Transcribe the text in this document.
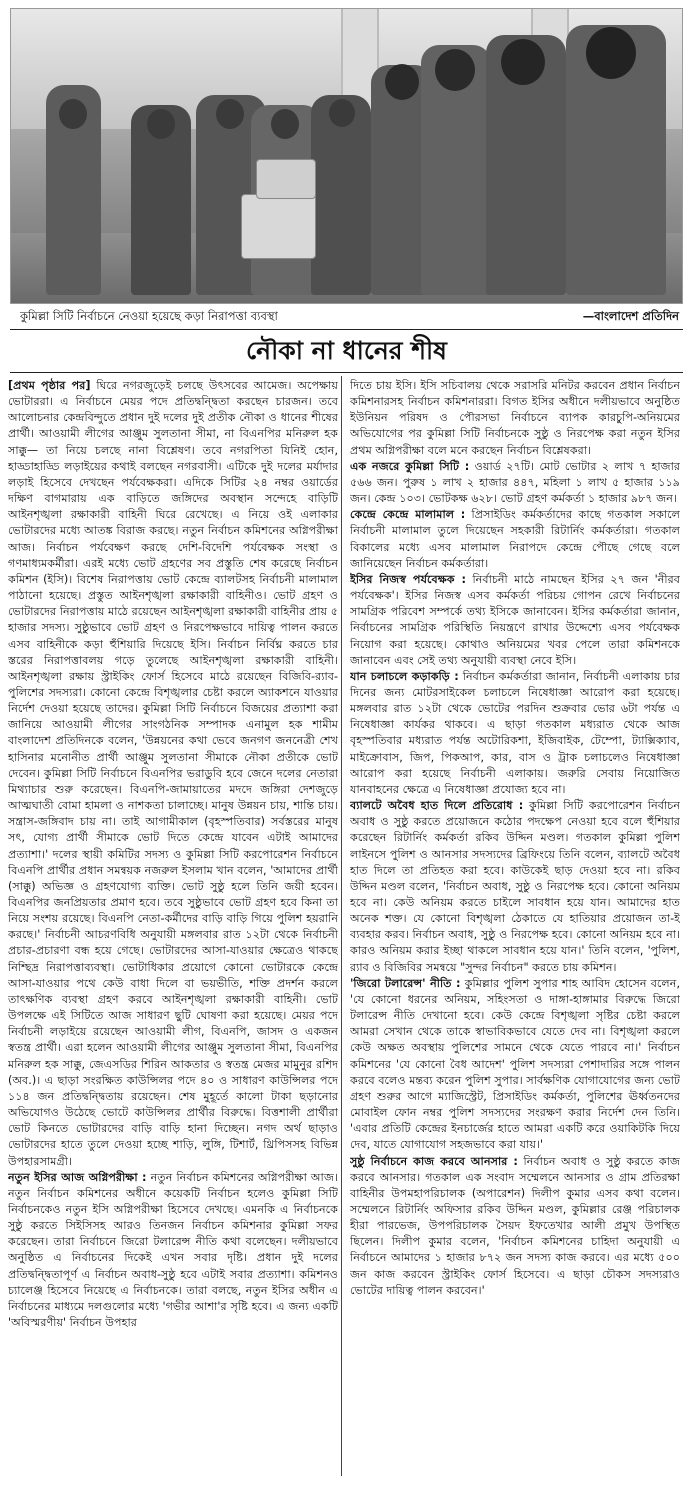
কুমিল্লা সিটি নির্বাচনে নেওয়া হয়েছে কড়া নিরাপত্তা ব্যবস্থা	—বাংলাদেশ প্রতিদিন
নৌকা না ধানের শীষ

[প্রথম পৃষ্ঠার পর] ঘিরে নগরজুড়েই চলছে উৎসবের আমেজ। অপেক্ষায় ভোটাররা। এ নির্বাচনে মেয়র পদে প্রতিদ্বন্দ্বিতা করছেন চারজন। তবে আলোচনার কেন্দ্রবিন্দুতে প্রধান দুই দলের দুই প্রতীক নৌকা ও ধানের শীষের প্রার্থী। আওয়ামী লীগের আঞ্জুম সুলতানা সীমা, না বিএনপির মনিরুল হক সাক্কু— তা নিয়ে চলছে নানা বিশ্লেষণ। তবে নগরপিতা যিনিই হোন, হাড্ডাহাড্ডি লড়াইয়ের কথাই বলছেন নগরবাসী। এটিকে দুই দলের মর্যাদার লড়াই হিসেবে দেখছেন পর্যবেক্ষকরা। এদিকে সিটির ২৪ নম্বর ওয়ার্ডের দক্ষিণ বাগমারায় এক বাড়িতে জঙ্গিদের অবস্থান সন্দেহে বাড়িটি আইনশৃঙ্খলা রক্ষাকারী বাহিনী ঘিরে রেখেছে। এ নিয়ে ওই এলাকার ভোটারদের মধ্যে আতঙ্ক বিরাজ করছে। নতুন নির্বাচন কমিশনের অগ্নিপরীক্ষা আজ। নির্বাচন পর্যবেক্ষণ করছে দেশি-বিদেশি পর্যবেক্ষক সংস্থা ও গণমাধ্যমকর্মীরা। এরই মধ্যে ভোট গ্রহণের সব প্রস্তুতি শেষ করেছে নির্বাচন কমিশন (ইসি)। বিশেষ নিরাপত্তায় ভোট কেন্দ্রে ব্যালটসহ নির্বাচনী মালামাল পাঠানো হয়েছে। প্রস্তুত আইনশৃঙ্খলা রক্ষাকারী বাহিনীও। ভোট গ্রহণ ও ভোটারদের নিরাপত্তায় মাঠে রয়েছেন আইনশৃঙ্খলা রক্ষাকারী বাহিনীর প্রায় ৫ হাজার সদস্য। সুষ্ঠুভাবে ভোট গ্রহণ ও নিরপেক্ষভাবে দায়িত্ব পালন করতে এসব বাহিনীকে কড়া হুঁশিয়ারি দিয়েছে ইসি। নির্বাচন নির্বিঘ্ন করতে চার স্তরের নিরাপত্তাবলয় গড়ে তুলেছে আইনশৃঙ্খলা রক্ষাকারী বাহিনী। আইনশৃঙ্খলা রক্ষায় স্ট্রাইকিং ফোর্স হিসেবে মাঠে রয়েছেন বিজিবি-র‌্যাব-পুলিশের সদস্যরা। কোনো কেন্দ্রে বিশৃঙ্খলার চেষ্টা করলে অ্যাকশনে যাওয়ার নির্দেশ দেওয়া হয়েছে তাদের। কুমিল্লা সিটি নির্বাচনে বিজয়ের প্রত্যাশা করা জানিয়ে আওয়ামী লীগের সাংগঠনিক সম্পাদক এনামুল হক শামীম বাংলাদেশ প্রতিদিনকে বলেন, 'উন্নয়নের কথা ভেবে জনগণ জননেত্রী শেখ হাসিনার মনোনীত প্রার্থী আঞ্জুম সুলতানা সীমাকে নৌকা প্রতীকে ভোট দেবেন। কুমিল্লা সিটি নির্বাচনে বিএনপির ভরাডুবি হবে জেনে দলের নেতারা মিথ্যাচার শুরু করেছেন। বিএনপি-জামায়াতের মদদে জঙ্গিরা দেশজুড়ে আত্মঘাতী বোমা হামলা ও নাশকতা চালাচ্ছে। মানুষ উন্নয়ন চায়, শান্তি চায়। সন্ত্রাস-জঙ্গিবাদ চায় না। তাই আগামীকাল (বৃহস্পতিবার) সর্বস্তরের মানুষ সৎ, যোগ্য প্রার্থী সীমাকে ভোট দিতে কেন্দ্রে যাবেন এটাই আমাদের প্রত্যাশা।' দলের স্থায়ী কমিটির সদস্য ও কুমিল্লা সিটি করপোরেশন নির্বাচনে বিএনপি প্রার্থীর প্রধান সমন্বয়ক নজরুল ইসলাম খান বলেন, 'আমাদের প্রার্থী (সাক্কু) অভিজ্ঞ ও গ্রহণযোগ্য ব্যক্তি। ভোট সুষ্ঠু হলে তিনি জয়ী হবেন। বিএনপির জনপ্রিয়তার প্রমাণ হবে। তবে সুষ্ঠুভাবে ভোট গ্রহণ হবে কিনা তা নিয়ে সংশয় রয়েছে। বিএনপি নেতা-কর্মীদের বাড়ি বাড়ি গিয়ে পুলিশ হয়রানি করছে।' নির্বাচনী আচরণবিধি অনুযায়ী মঙ্গলবার রাত ১২টা থেকে নির্বাচনী প্রচার-প্রচারণা বন্ধ হয়ে গেছে। ভোটারদের আসা-যাওয়ার ক্ষেত্রেও থাকছে নিশ্ছিদ্র নিরাপত্তাব্যবস্থা। ভোটাধিকার প্রয়োগে কোনো ভোটারকে কেন্দ্রে আসা-যাওয়ার পথে কেউ বাধা দিলে বা ভয়ভীতি, শক্তি প্রদর্শন করলে তাৎক্ষণিক ব্যবস্থা গ্রহণ করবে আইনশৃঙ্খলা রক্ষাকারী বাহিনী। ভোট উপলক্ষে এই সিটিতে আজ সাধারণ ছুটি ঘোষণা করা হয়েছে। মেয়র পদে নির্বাচনী লড়াইয়ে রয়েছেন আওয়ামী লীগ, বিএনপি, জাসদ ও একজন স্বতন্ত্র প্রার্থী। এরা হলেন আওয়ামী লীগের আঞ্জুম সুলতানা সীমা, বিএনপির মনিরুল হক সাক্কু, জেএসডির শিরিন আকতার ও স্বতন্ত্র মেজর মামুনুর রশিদ (অব.)। এ ছাড়া সংরক্ষিত কাউন্সিলর পদে ৪০ ও সাধারণ কাউন্সিলর পদে ১১৪ জন প্রতিদ্বন্দ্বিতায় রয়েছেন। শেষ মুহূর্তে কালো টাকা ছড়ানোর অভিযোগও উঠেছে ভোটে কাউন্সিলর প্রার্থীর বিরুদ্ধে। বিত্তশালী প্রার্থীরা ভোট কিনতে ভোটারদের বাড়ি বাড়ি হানা দিচ্ছেন। নগদ অর্থ ছাড়াও ভোটারদের হাতে তুলে দেওয়া হচ্ছে শাড়ি, লুঙ্গি, টিশার্ট, থ্রিপিসসহ বিভিন্ন উপহারসামগ্রী।

নতুন ইসির আজ অগ্নিপরীক্ষা : নতুন নির্বাচন কমিশনের অগ্নিপরীক্ষা আজ। নতুন নির্বাচন কমিশনের অধীনে কয়েকটি নির্বাচন হলেও কুমিল্লা সিটি নির্বাচনকেও নতুন ইসি অগ্নিপরীক্ষা হিসেবে দেখছে। এমনকি এ নির্বাচনকে সুষ্ঠু করতে সিইসিসহ আরও তিনজন নির্বাচন কমিশনার কুমিল্লা সফর করেছেন। তারা নির্বাচনে জিরো টলারেন্স নীতি কথা বলেছেন। দলীয়ভাবে অনুষ্ঠিত এ নির্বাচনের দিকেই এখন সবার দৃষ্টি। প্রধান দুই দলের প্রতিদ্বন্দ্বিতাপূর্ণ এ নির্বাচন অবাধ-সুষ্ঠু হবে এটাই সবার প্রত্যাশা। কমিশনও চ্যালেঞ্জ হিসেবে নিয়েছে এ নির্বাচনকে। তারা বলছে, নতুন ইসির অধীন এ নির্বাচনের মাধ্যমে দলগুলোর মধ্যে 'গভীর আশা'র সৃষ্টি হবে। এ জন্য একটি 'অবিস্মরণীয়' নির্বাচন উপহার

দিতে চায় ইসি। ইসি সচিবালয় থেকে সরাসরি মনিটর করবেন প্রধান নির্বাচন কমিশনারসহ নির্বাচন কমিশনাররা। বিগত ইসির অধীনে দলীয়ভাবে অনুষ্ঠিত ইউনিয়ন পরিষদ ও পৌরসভা নির্বাচনে ব্যাপক কারচুপি-অনিয়মের অভিযোগের পর কুমিল্লা সিটি নির্বাচনকে সুষ্ঠু ও নিরপেক্ষ করা নতুন ইসির প্রথম অগ্নিপরীক্ষা বলে মনে করছেন নির্বাচন বিশ্লেষকরা।

এক নজরে কুমিল্লা সিটি : ওয়ার্ড ২৭টি। মোট ভোটার ২ লাখ ৭ হাজার ৫৬৬ জন। পুরুষ ১ লাখ ২ হাজার ৪৪৭, মহিলা ১ লাখ ৫ হাজার ১১৯ জন। কেন্দ্র ১০৩। ভোটকক্ষ ৬২৮। ভোট গ্রহণ কর্মকর্তা ১ হাজার ৯৮৭ জন।

কেন্দ্রে কেন্দ্রে মালামাল : প্রিসাইডিং কর্মকর্তাদের কাছে গতকাল সকালে নির্বাচনী মালামাল তুলে দিয়েছেন সহকারী রিটার্নিং কর্মকর্তারা। গতকাল বিকালের মধ্যে এসব মালামাল নিরাপদে কেন্দ্রে পৌছে গেছে বলে জানিয়েছেন নির্বাচন কর্মকর্তারা।

ইসির নিজস্ব পর্যবেক্ষক : নির্বাচনী মাঠে নামছেন ইসির ২৭ জন 'নীরব পর্যবেক্ষক'। ইসির নিজস্ব এসব কর্মকর্তা পরিচয় গোপন রেখে নির্বাচনের সামগ্রিক পরিবেশ সম্পর্কে তথ্য ইসিকে জানাবেন। ইসির কর্মকর্তারা জানান, নির্বাচনের সামগ্রিক পরিস্থিতি নিয়ন্ত্রণে রাখার উদ্দেশ্যে এসব পর্যবেক্ষক নিয়োগ করা হয়েছে। কোথাও অনিয়মের খবর পেলে তারা কমিশনকে জানাবেন এবং সেই তথ্য অনুযায়ী ব্যবস্থা নেবে ইসি।

যান চলাচলে কড়াকড়ি : নির্বাচন কর্মকর্তারা জানান, নির্বাচনী এলাকায় চার দিনের জন্য মোটরসাইকেল চলাচলে নিষেধাজ্ঞা আরোপ করা হয়েছে। মঙ্গলবার রাত ১২টা থেকে ভোটের পরদিন শুক্রবার ভোর ৬টা পর্যন্ত এ নিষেধাজ্ঞা কার্যকর থাকবে। এ ছাড়া গতকাল মধ্যরাত থেকে আজ বৃহস্পতিবার মধ্যরাত পর্যন্ত অটোরিকশা, ইজিবাইক, টেম্পো, ট্যাক্সিক্যাব, মাইক্রোবাস, জিপ, পিকআপ, কার, বাস ও ট্রাক চলাচলেও নিষেধাজ্ঞা আরোপ করা হয়েছে নির্বাচনী এলাকায়। জরুরি সেবায় নিয়োজিত যানবাহনের ক্ষেত্রে এ নিষেধাজ্ঞা প্রযোজ্য হবে না।

ব্যালটে অবৈধ হাত দিলে প্রতিরোধ : কুমিল্লা সিটি করপোরেশন নির্বাচন অবাধ ও সুষ্ঠু করতে প্রয়োজনে কঠোর পদক্ষেপ নেওয়া হবে বলে হুঁশিয়ার করেছেন রিটার্নিং কর্মকর্তা রকিব উদ্দিন মণ্ডল। গতকাল কুমিল্লা পুলিশ লাইনসে পুলিশ ও আনসার সদস্যদের ব্রিফিংয়ে তিনি বলেন, ব্যালটে অবৈধ হাত দিলে তা প্রতিহত করা হবে। কাউকেই ছাড় দেওয়া হবে না। রকিব উদ্দিন মণ্ডল বলেন, 'নির্বাচন অবাধ, সুষ্ঠু ও নিরপেক্ষ হবে। কোনো অনিয়ম হবে না। কেউ অনিয়ম করতে চাইলে সাবধান হয়ে যান। আমাদের হাত অনেক শক্ত। যে কোনো বিশৃঙ্খলা ঠেকাতে যে হাতিয়ার প্রয়োজন তা-ই ব্যবহার করব। নির্বাচন অবাধ, সুষ্ঠু ও নিরপেক্ষ হবে। কোনো অনিয়ম হবে না। কারও অনিয়ম করার ইচ্ছা থাকলে সাবধান হয়ে যান।' তিনি বলেন, 'পুলিশ, র‌্যাব ও বিজিবির সমন্বয়ে "সুন্দর নির্বাচন" করতে চায় কমিশন।

'জিরো টলারেন্স' নীতি : কুমিল্লার পুলিশ সুপার শাহ আবিদ হোসেন বলেন, 'যে কোনো ধরনের অনিয়ম, সহিংসতা ও দাঙ্গা-হাঙ্গামার বিরুদ্ধে জিরো টলারেন্স নীতি দেখানো হবে। কেউ কেন্দ্রে বিশৃঙ্খলা সৃষ্টির চেষ্টা করলে আমরা সেখান থেকে তাকে স্বাভাবিকভাবে যেতে দেব না। বিশৃঙ্খলা করলে কেউ অক্ষত অবস্থায় পুলিশের সামনে থেকে যেতে পারবে না।' নির্বাচন কমিশনের 'যে কোনো বৈধ আদেশ' পুলিশ সদস্যরা পেশাদারির সঙ্গে পালন করবে বলেও মন্তব্য করেন পুলিশ সুপার। সার্বক্ষণিক যোগাযোগের জন্য ভোট গ্রহণ শুরুর আগে ম্যাজিস্ট্রেট, প্রিসাইডিং কর্মকর্তা, পুলিশের ঊর্ধ্বতনদের মোবাইল ফোন নম্বর পুলিশ সদস্যদের সংরক্ষণ করার নির্দেশ দেন তিনি। 'এবার প্রতিটি কেন্দ্রের ইনচার্জের হাতে আমরা একটি করে ওয়াকিটকি দিয়ে দেব, যাতে যোগাযোগ সহজভাবে করা যায়।'

সুষ্ঠু নির্বাচনে কাজ করবে আনসার : নির্বাচন অবাধ ও সুষ্ঠু করতে কাজ করবে আনসার। গতকাল এক সংবাদ সম্মেলনে আনসার ও গ্রাম প্রতিরক্ষা বাহিনীর উপমহাপরিচালক (অপারেশন) দিলীপ কুমার এসব কথা বলেন। সম্মেলনে রিটার্নিং অফিসার রকিব উদ্দিন মণ্ডল, কুমিল্লার রেঞ্জ পরিচালক হীরা পারভেজ, উপপরিচালক সৈয়দ ইফতেখার আলী প্রমুখ উপস্থিত ছিলেন। দিলীপ কুমার বলেন, 'নির্বাচন কমিশনের চাহিদা অনুযায়ী এ নির্বাচনে আমাদের ১ হাজার ৮৭২ জন সদস্য কাজ করবে। এর মধ্যে ৫০০ জন কাজ করবেন স্ট্রাইকিং ফোর্স হিসেবে। এ ছাড়া চৌকস সদস্যরাও ভোটের দায়িত্ব পালন করবেন।'
